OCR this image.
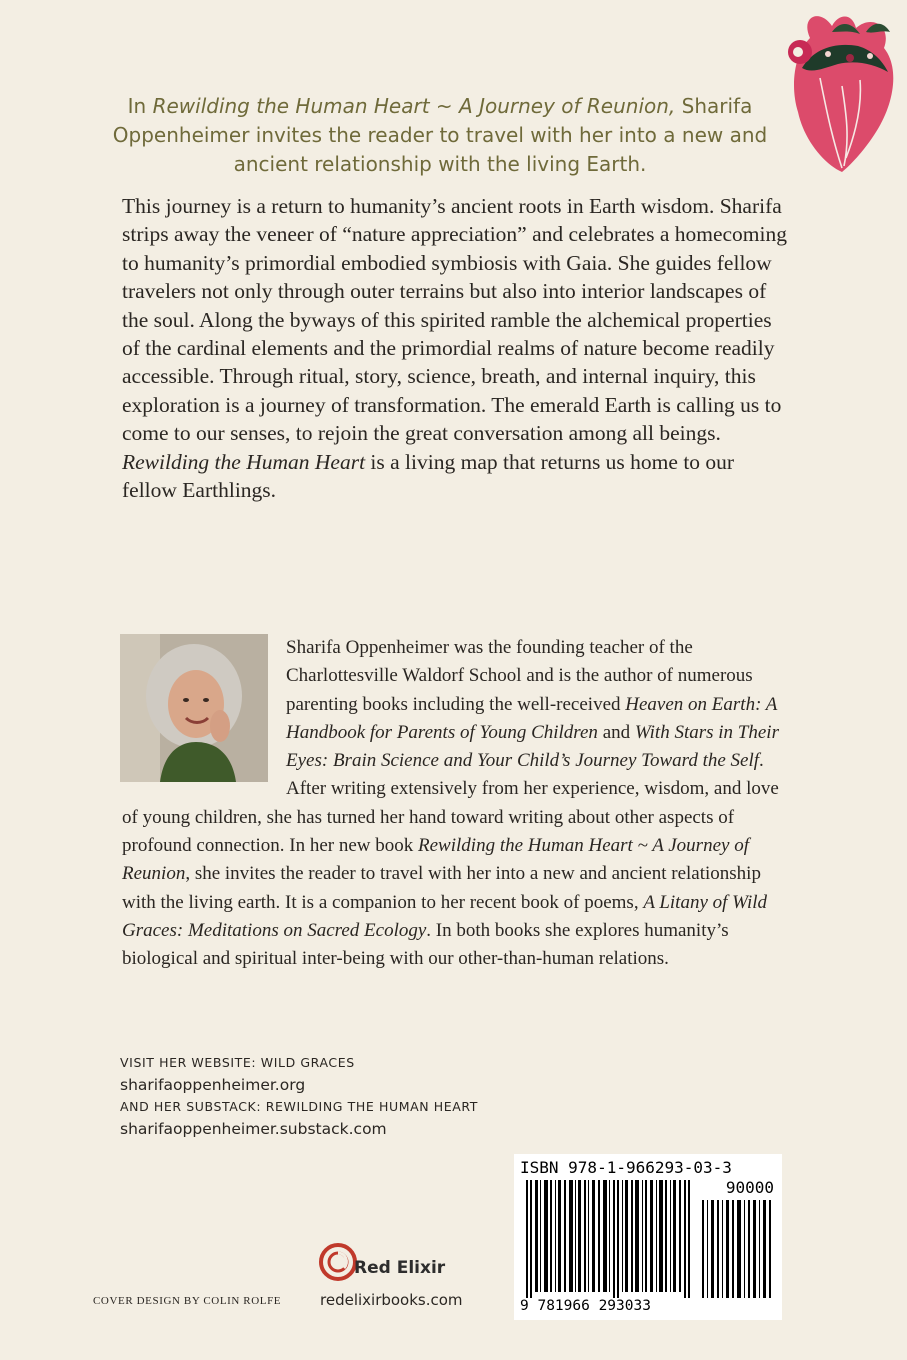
In Rewilding the Human Heart ~ A Journey of Reunion, Sharifa Oppenheimer invites the reader to travel with her into a new and ancient relationship with the living Earth.
This journey is a return to humanity’s ancient roots in Earth wisdom. Sharifa strips away the veneer of “nature appreciation” and celebrates a homecoming to humanity’s primordial embodied symbiosis with Gaia. She guides fellow travelers not only through outer terrains but also into interior landscapes of the soul. Along the byways of this spirited ramble the alchemical properties of the cardinal elements and the primordial realms of nature become readily accessible. Through ritual, story, science, breath, and internal inquiry, this exploration is a journey of transformation. The emerald Earth is calling us to come to our senses, to rejoin the great conversation among all beings. Rewilding the Human Heart is a living map that returns us home to our fellow Earthlings.
Sharifa Oppenheimer was the founding teacher of the Charlottesville Waldorf School and is the author of numerous parenting books including the well-received Heaven on Earth: A Handbook for Parents of Young Children and With Stars in Their Eyes: Brain Science and Your Child’s Journey Toward the Self. After writing extensively from her experience, wisdom, and love of young children, she has turned her hand toward writing about other aspects of profound connection. In her new book Rewilding the Human Heart ~ A Journey of Reunion, she invites the reader to travel with her into a new and ancient relationship with the living earth. It is a companion to her recent book of poems, A Litany of Wild Graces: Meditations on Sacred Ecology. In both books she explores humanity’s biological and spiritual inter-being with our other-than-human relations.
VISIT HER WEBSITE: WILD GRACES
sharifaoppenheimer.org
AND HER SUBSTACK: REWILDING THE HUMAN HEART
sharifaoppenheimer.substack.com
COVER DESIGN BY COLIN ROLFE
Red Elixir
redelixirbooks.com
ISBN 978-1-966293-03-3
90000
9 781966 293033
